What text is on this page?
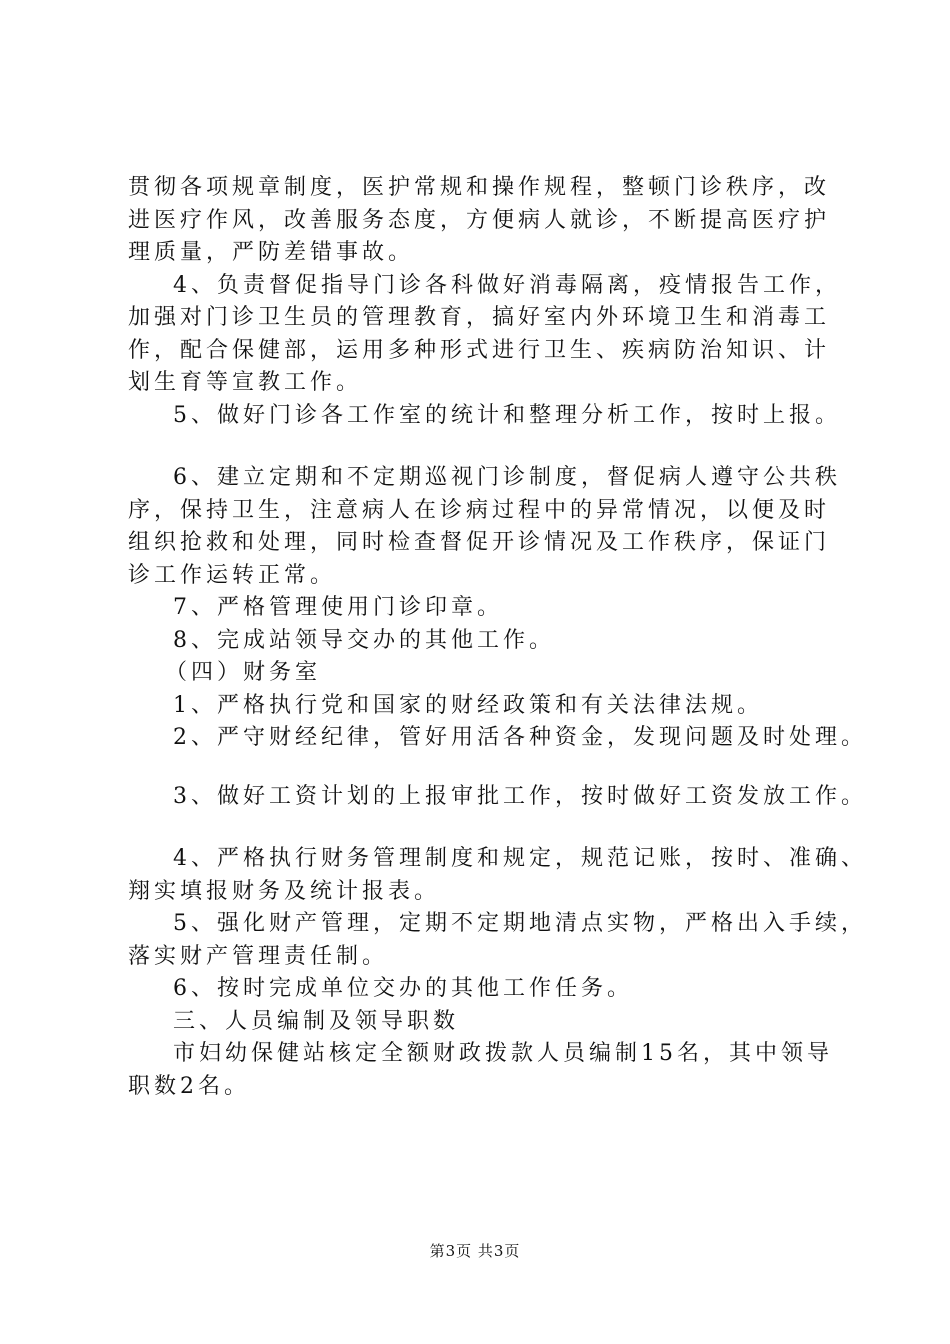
贯彻各项规章制度，医护常规和操作规程，整顿门诊秩序，改
进医疗作风，改善服务态度，方便病人就诊，不断提高医疗护
理质量，严防差错事故。
4、负责督促指导门诊各科做好消毒隔离，疫情报告工作，
加强对门诊卫生员的管理教育，搞好室内外环境卫生和消毒工
作，配合保健部，运用多种形式进行卫生、疾病防治知识、计
划生育等宣教工作。
5、做好门诊各工作室的统计和整理分析工作，按时上报。
6、建立定期和不定期巡视门诊制度，督促病人遵守公共秩
序，保持卫生，注意病人在诊病过程中的异常情况，以便及时
组织抢救和处理，同时检查督促开诊情况及工作秩序，保证门
诊工作运转正常。
7、严格管理使用门诊印章。
8、完成站领导交办的其他工作。
（四）财务室
1、严格执行党和国家的财经政策和有关法律法规。
2、严守财经纪律，管好用活各种资金，发现问题及时处理。
3、做好工资计划的上报审批工作，按时做好工资发放工作。
4、严格执行财务管理制度和规定，规范记账，按时、准确、
翔实填报财务及统计报表。
5、强化财产管理，定期不定期地清点实物，严格出入手续，
落实财产管理责任制。
6、按时完成单位交办的其他工作任务。
三、人员编制及领导职数
市妇幼保健站核定全额财政拨款人员编制15名，其中领导
职数2名。
第3页 共3页
